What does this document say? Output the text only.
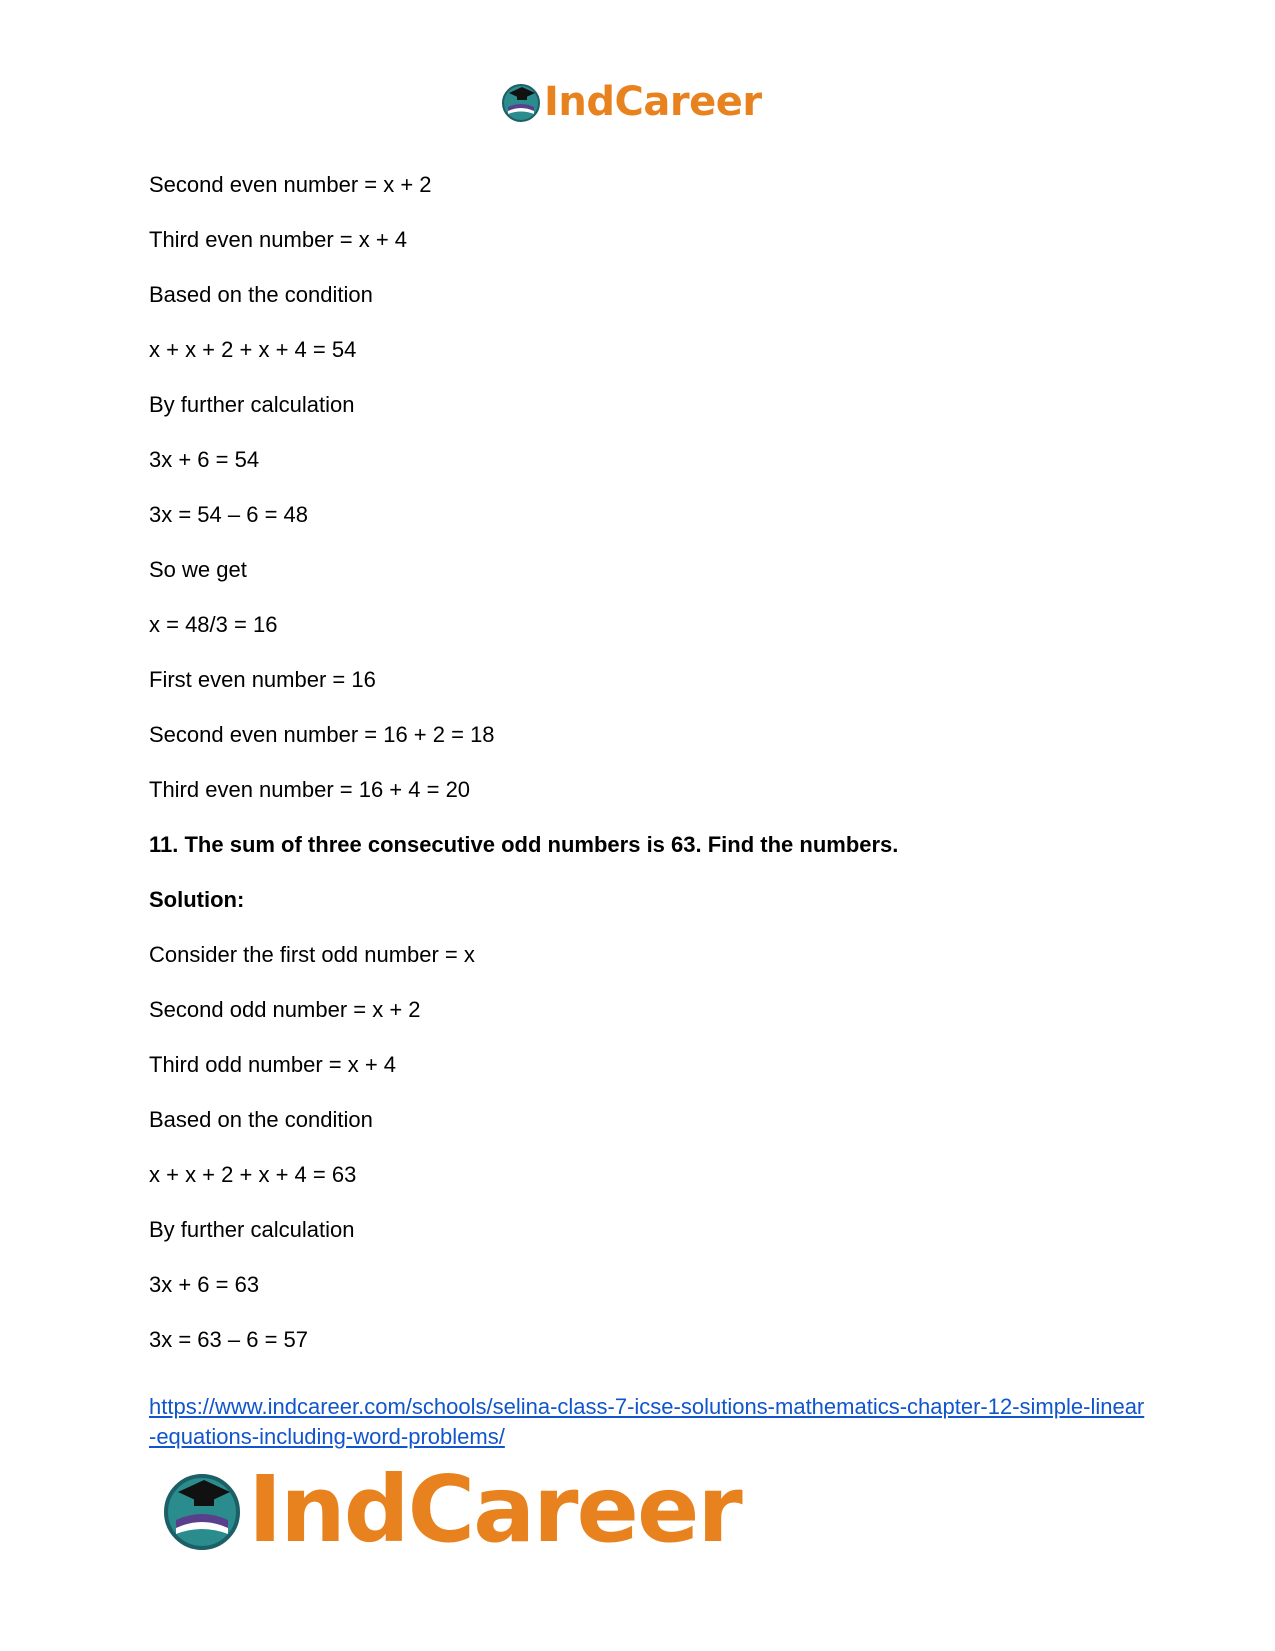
IndCareer
Second even number = x + 2
Third even number = x + 4
Based on the condition
x + x + 2 + x + 4 = 54
By further calculation
3x + 6 = 54
3x = 54 – 6 = 48
So we get
x = 48/3 = 16
First even number = 16
Second even number = 16 + 2 = 18
Third even number = 16 + 4 = 20
11. The sum of three consecutive odd numbers is 63. Find the numbers.
Solution:
Consider the first odd number = x
Second odd number = x + 2
Third odd number = x + 4
Based on the condition
x + x + 2 + x + 4 = 63
By further calculation
3x + 6 = 63
3x = 63 – 6 = 57
https://www.indcareer.com/schools/selina-class-7-icse-solutions-mathematics-chapter-12-simple-linear-equations-including-word-problems/
IndCareer
